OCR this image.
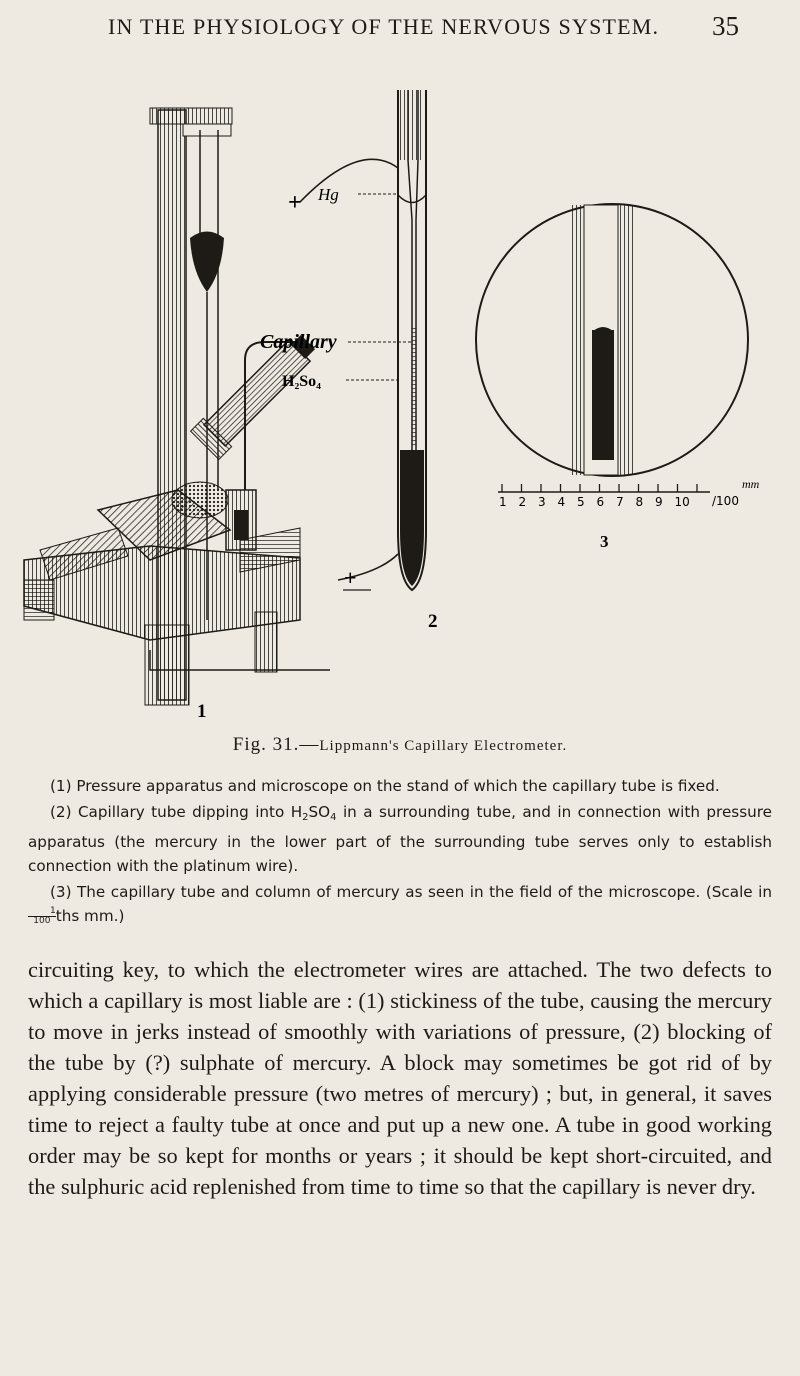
IN THE PHYSIOLOGY OF THE NERVOUS SYSTEM. 35
+ Hg
Capillary
H₂So₄
+
1 2 3 4 5 6 7 8 9 10 /100
mm
1
2
3
Fig. 31.—Lippmann's Capillary Electrometer.

(1) Pressure apparatus and microscope on the stand of which the capillary tube is fixed.

(2) Capillary tube dipping into $H_2SO_4$ in a surrounding tube, and in connection with pressure apparatus (the mercury in the lower part of the surrounding tube serves only to establish connection with the platinum wire).

(3) The capillary tube and column of mercury as seen in the field of the microscope. (Scale in
$\frac{1}{100}ths$ mm.)

circuiting key, to which the electrometer wires are attached. The two defects to which a capillary is most liable are : (1) stickiness of the tube, causing the mercury to move in jerks instead of smoothly with variations of pressure, (2) blocking of the tube by (?) sulphate of mercury. A block may sometimes be got rid of by applying considerable pressure (two metres of mercury) ; but, in general, it saves time to reject a faulty tube at once and put up a new one. A tube in good working order may be so kept for months or years ; it should be kept short-circuited, and the sulphuric acid replenished from time to time so that the capillary is never dry.
